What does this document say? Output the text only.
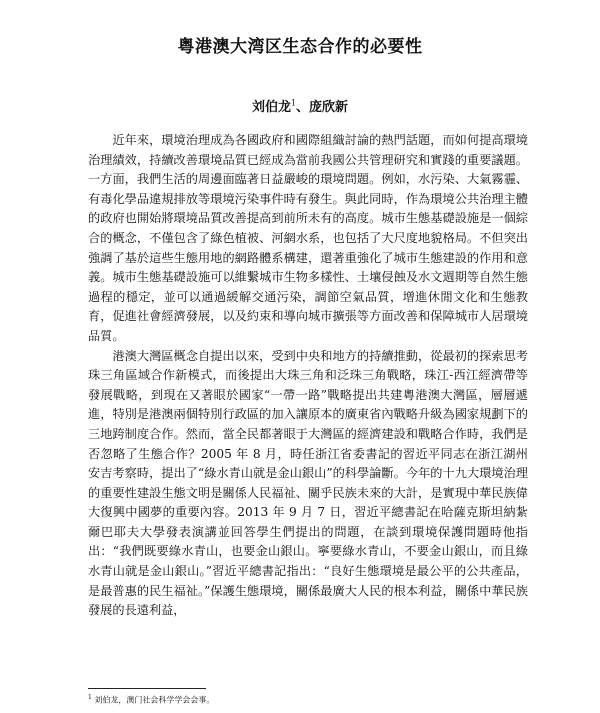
粤港澳大湾区生态合作的必要性
刘伯龙$^1$、庞欣新

近年來，環境治理成為各國政府和國際組織討論的熱門話題，而如何提高環境治理績效，持續改善環境品質已經成為當前我國公共管理研究和實踐的重要議題。一方面，我們生活的周邊面臨著日益嚴峻的環境問題。例如，水污染、大氣霧霾、有毒化學品違規排放等環境污染事件時有發生。與此同時，作為環境公共治理主體的政府也開始將環境品質改善提高到前所未有的高度。城市生態基礎設施是一個綜合的概念，不僅包含了綠色植被、河網水系，也包括了大尺度地貌格局。不但突出強調了基於這些生態用地的網路體系構建，還著重強化了城市生態建設的作用和意義。城市生態基礎設施可以維繫城市生物多樣性、土壤侵蝕及水文週期等自然生態過程的穩定，並可以通過緩解交通污染，調節空氣品質，增進休閒文化和生態教育，促進社會經濟發展，以及約束和導向城市擴張等方面改善和保障城市人居環境品質。

港澳大灣區概念自提出以來，受到中央和地方的持續推動，從最初的探索思考珠三角區域合作新模式，而後提出大珠三角和泛珠三角戰略，珠江-西江經濟帶等發展戰略，到現在又著眼於國家“一帶一路”戰略提出共建粵港澳大灣區，層層遞進，特別是港澳兩個特別行政區的加入讓原本的廣東省內戰略升級為國家規劃下的三地跨制度合作。然而，當全民都著眼于大灣區的經濟建設和戰略合作時，我們是否忽略了生態合作？2005 年 8 月，時任浙江省委書記的習近平同志在浙江湖州安吉考察時，提出了“綠水青山就是金山銀山”的科學論斷。今年的十九大環境治理的重要性建設生態文明是關係人民福祉、關乎民族未來的大計，是實現中華民族偉大復興中國夢的重要內容。2013 年 9 月 7 日，習近平總書記在哈薩克斯坦納紮爾巴耶夫大學發表演講並回答學生們提出的問題，在談到環境保護問題時他指出：“我們既要綠水青山，也要金山銀山。寧要綠水青山，不要金山銀山，而且綠水青山就是金山銀山。”習近平總書記指出：“良好生態環境是最公平的公共產品，是最普惠的民生福祉。”保護生態環境，關係最廣大人民的根本利益，關係中華民族發展的長遠利益，

$^1$ 刘伯龙，澳门社会科学学会会事。
